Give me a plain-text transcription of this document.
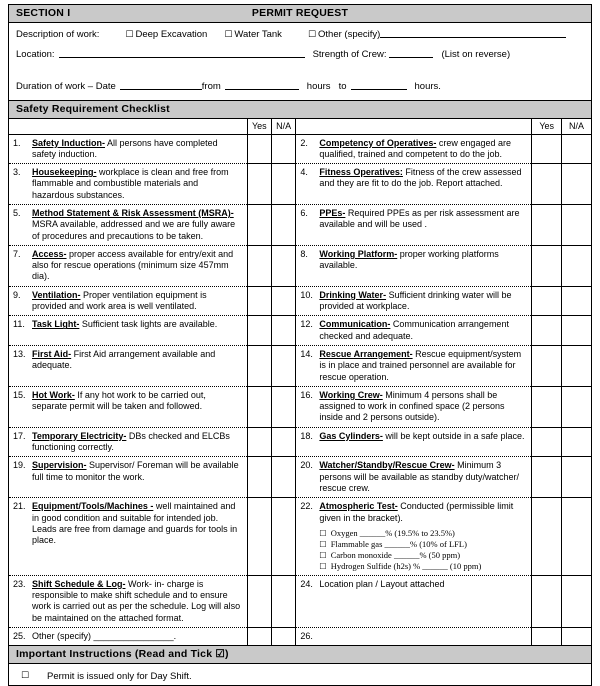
SECTION I	PERMIT REQUEST
Description of work:	☐ Deep Excavation ☐ Water Tank	☐ Other (specify)
Location:	Strength of Crew:	(List on reverse)
Duration of work – Date	from	hours to	hours.
Safety Requirement Checklist
	Yes	N/A		Yes	N/A
1. Safety Induction- All persons have completed safety induction.			2. Competency of Operatives- crew engaged are qualified, trained and competent to do the job.		
3. Housekeeping- workplace is clean and free from flammable and combustible materials and hazardous substances.			4. Fitness Operatives: Fitness of the crew assessed and they are fit to do the job. Report attached.		
5. Method Statement & Risk Assessment (MSRA)- MSRA available, addressed and we are fully aware of procedures and precautions to be taken.			6. PPEs- Required PPEs as per risk assessment are available and will be used .		
7. Access- proper access available for entry/exit and also for rescue operations (minimum size 457mm dia).			8. Working Platform- proper working platforms available.		
9. Ventilation- Proper ventilation equipment is provided and work area is well ventilated.			10. Drinking Water- Sufficient drinking water will be provided at workplace.		
11. Task Light- Sufficient task lights are available.			12. Communication- Communication arrangement checked and adequate.		
13. First Aid- First Aid arrangement available and adequate.			14. Rescue Arrangement- Rescue equipment/system is in place and trained personnel are available for rescue operation.		
15. Hot Work- If any hot work to be carried out, separate permit will be taken and followed.			16. Working Crew- Minimum 4 persons shall be assigned to work in confined space (2 persons inside and 2 persons outside).		
17. Temporary Electricity- DBs checked and ELCBs functioning correctly.			18. Gas Cylinders- will be kept outside in a safe place.		
19. Supervision- Supervisor/ Foreman will be available full time to monitor the work.			20. Watcher/Standby/Rescue Crew- Minimum 3 persons will be available as standby duty/watcher/ rescue crew.		
21. Equipment/Tools/Machines - well maintained and in good condition and suitable for intended job. Leads are free from damage and guards for tools in place.			22. Atmospheric Test- Conducted (permissible limit given in the bracket).
☐ Oxygen ______% (19.5% to 23.5%)
☐ Flammable gas ______% (10% of LFL)
☐ Carbon monoxide ______% (50 ppm)
☐ Hydrogen Sulfide (h2s) % ______ (10 ppm)		

23. Shift Schedule & Log- Work- in- charge is responsible to make shift schedule and to ensure work is carried out as per the schedule. Log will also be maintained on the attached format.			24. Location plan / Layout attached		
25. Other (specify) ________________.			26.		
Important Instructions (Read and Tick ☑)
☐ Permit is issued only for Day Shift.
